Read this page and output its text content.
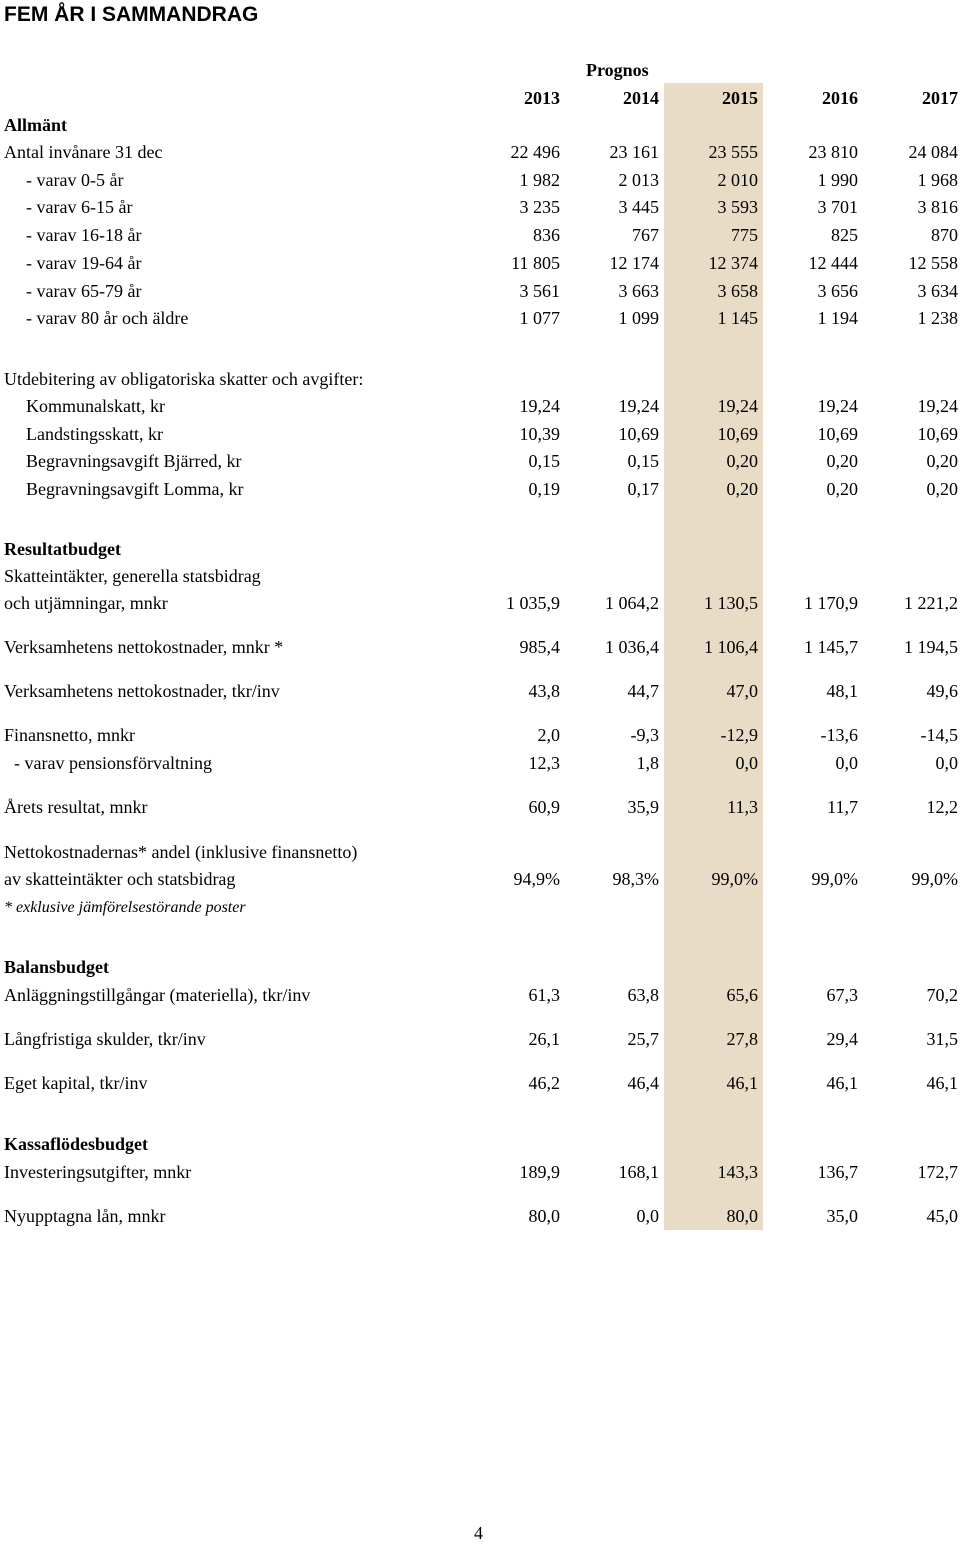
FEM ÅR I SAMMANDRAG
Prognos
2013	2014	2015	2016	2017
Allmänt
Antal invånare 31 dec	22 496	23 161	23 555	23 810	24 084
- varav 0-5 år	1 982	2 013	2 010	1 990	1 968
- varav 6-15 år	3 235	3 445	3 593	3 701	3 816
- varav 16-18 år	836	767	775	825	870
- varav 19-64 år	11 805	12 174	12 374	12 444	12 558
- varav 65-79 år	3 561	3 663	3 658	3 656	3 634
- varav 80 år och äldre	1 077	1 099	1 145	1 194	1 238
Kommunalskatt, kr	19,24	19,24	19,24	19,24	19,24
Landstingsskatt, kr	10,39	10,69	10,69	10,69	10,69
Begravningsavgift Bjärred, kr	0,15	0,15	0,20	0,20	0,20
Begravningsavgift Lomma, kr	0,19	0,17	0,20	0,20	0,20
Utdebitering av obligatoriska skatter och avgifter:
Resultatbudget
Skatteintäkter, generella statsbidrag
och utjämningar, mnkr	1 035,9	1 064,2	1 130,5	1 170,9	1 221,2
Verksamhetens nettokostnader, mnkr *	985,4	1 036,4	1 106,4	1 145,7	1 194,5
Verksamhetens nettokostnader, tkr/inv	43,8	44,7	47,0	48,1	49,6
Finansnetto, mnkr	2,0	-9,3	-12,9	-13,6	-14,5
- varav pensionsförvaltning	12,3	1,8	0,0	0,0	0,0
Årets resultat, mnkr	60,9	35,9	11,3	11,7	12,2
Nettokostnadernas* andel (inklusive finansnetto)
av skatteintäkter och statsbidrag	94,9%	98,3%	99,0%	99,0%	99,0%
* exklusive jämförelsestörande poster
Balansbudget
Anläggningstillgångar (materiella), tkr/inv	61,3	63,8	65,6	67,3	70,2
Långfristiga skulder, tkr/inv	26,1	25,7	27,8	29,4	31,5
Eget kapital, tkr/inv	46,2	46,4	46,1	46,1	46,1
Kassaflödesbudget
Investeringsutgifter, mnkr	189,9	168,1	143,3	136,7	172,7
Nyupptagna lån, mnkr	80,0	0,0	80,0	35,0	45,0
4
